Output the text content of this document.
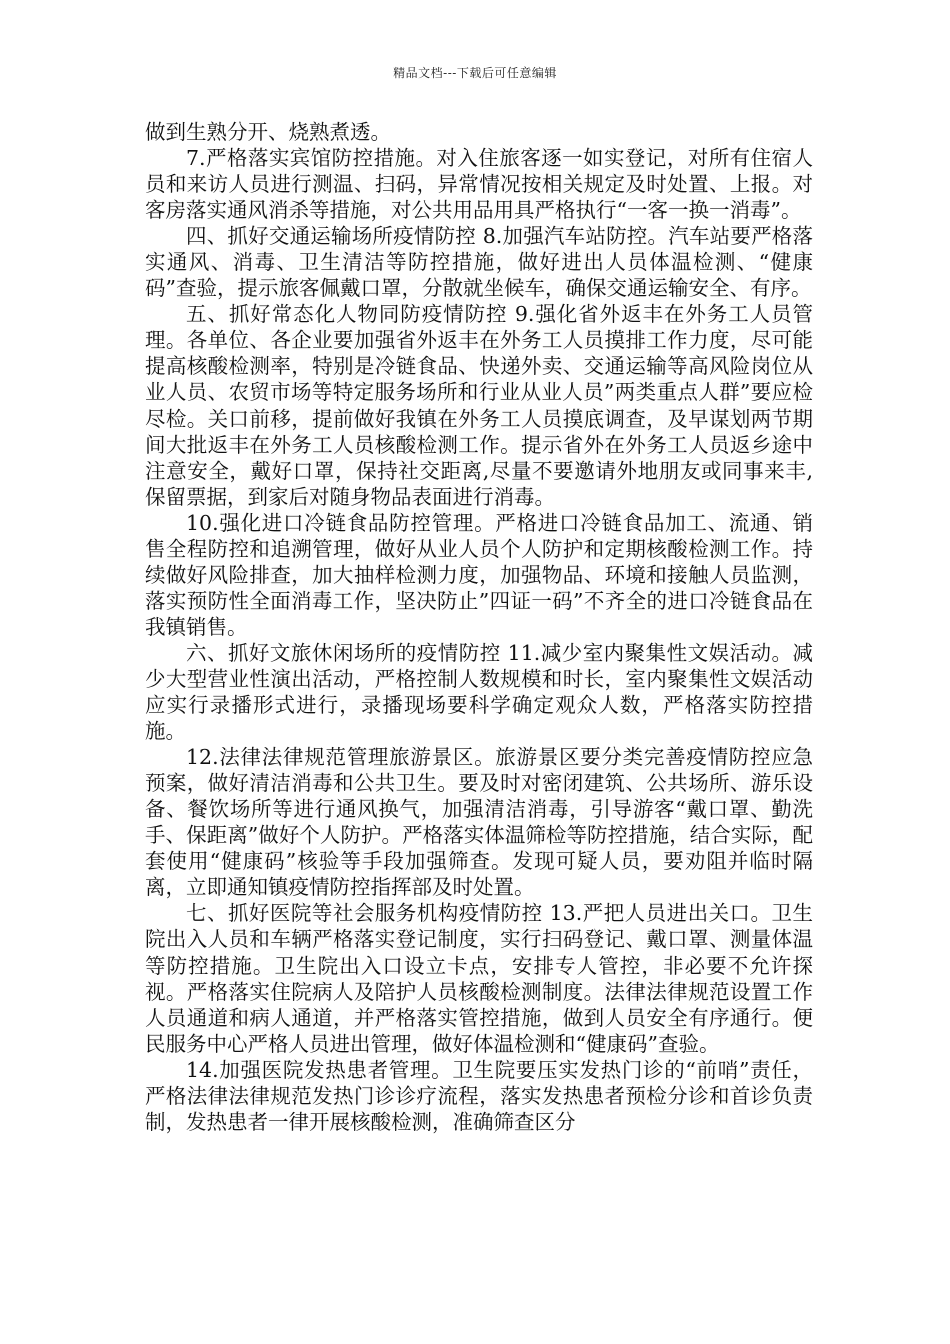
精品文档---下载后可任意编辑

做到生熟分开、烧熟煮透。

7.严格落实宾馆防控措施。对入住旅客逐一如实登记，对所有住宿人员和来访人员进行测温、扫码，异常情况按相关规定及时处置、上报。对客房落实通风消杀等措施，对公共用品用具严格执行“一客一换一消毒”。

四、抓好交通运输场所疫情防控 8.加强汽车站防控。汽车站要严格落实通风、消毒、卫生清洁等防控措施，做好进出人员体温检测、“健康码”查验，提示旅客佩戴口罩，分散就坐候车，确保交通运输安全、有序。

五、抓好常态化人物同防疫情防控 9.强化省外返丰在外务工人员管理。各单位、各企业要加强省外返丰在外务工人员摸排工作力度，尽可能提高核酸检测率，特别是冷链食品、快递外卖、交通运输等高风险岗位从业人员、农贸市场等特定服务场所和行业从业人员”两类重点人群”要应检尽检。关口前移，提前做好我镇在外务工人员摸底调查，及早谋划两节期间大批返丰在外务工人员核酸检测工作。提示省外在外务工人员返乡途中注意安全，戴好口罩，保持社交距离,尽量不要邀请外地朋友或同事来丰,保留票据，到家后对随身物品表面进行消毒。

10.强化进口冷链食品防控管理。严格进口冷链食品加工、流通、销售全程防控和追溯管理，做好从业人员个人防护和定期核酸检测工作。持续做好风险排查，加大抽样检测力度，加强物品、环境和接触人员监测，落实预防性全面消毒工作，坚决防止”四证一码”不齐全的进口冷链食品在我镇销售。

六、抓好文旅休闲场所的疫情防控 11.减少室内聚集性文娱活动。减少大型营业性演出活动，严格控制人数规模和时长，室内聚集性文娱活动应实行录播形式进行，录播现场要科学确定观众人数，严格落实防控措施。

12.法律法律规范管理旅游景区。旅游景区要分类完善疫情防控应急预案，做好清洁消毒和公共卫生。要及时对密闭建筑、公共场所、游乐设备、餐饮场所等进行通风换气，加强清洁消毒，引导游客“戴口罩、勤洗手、保距离”做好个人防护。严格落实体温筛检等防控措施，结合实际，配套使用“健康码”核验等手段加强筛查。发现可疑人员，要劝阻并临时隔离，立即通知镇疫情防控指挥部及时处置。

七、抓好医院等社会服务机构疫情防控 13.严把人员进出关口。卫生院出入人员和车辆严格落实登记制度，实行扫码登记、戴口罩、测量体温等防控措施。卫生院出入口设立卡点，安排专人管控，非必要不允许探视。严格落实住院病人及陪护人员核酸检测制度。法律法律规范设置工作人员通道和病人通道，并严格落实管控措施，做到人员安全有序通行。便民服务中心严格人员进出管理，做好体温检测和“健康码”查验。

14.加强医院发热患者管理。卫生院要压实发热门诊的“前哨”责任，严格法律法律规范发热门诊诊疗流程，落实发热患者预检分诊和首诊负责制，发热患者一律开展核酸检测，准确筛查区分
